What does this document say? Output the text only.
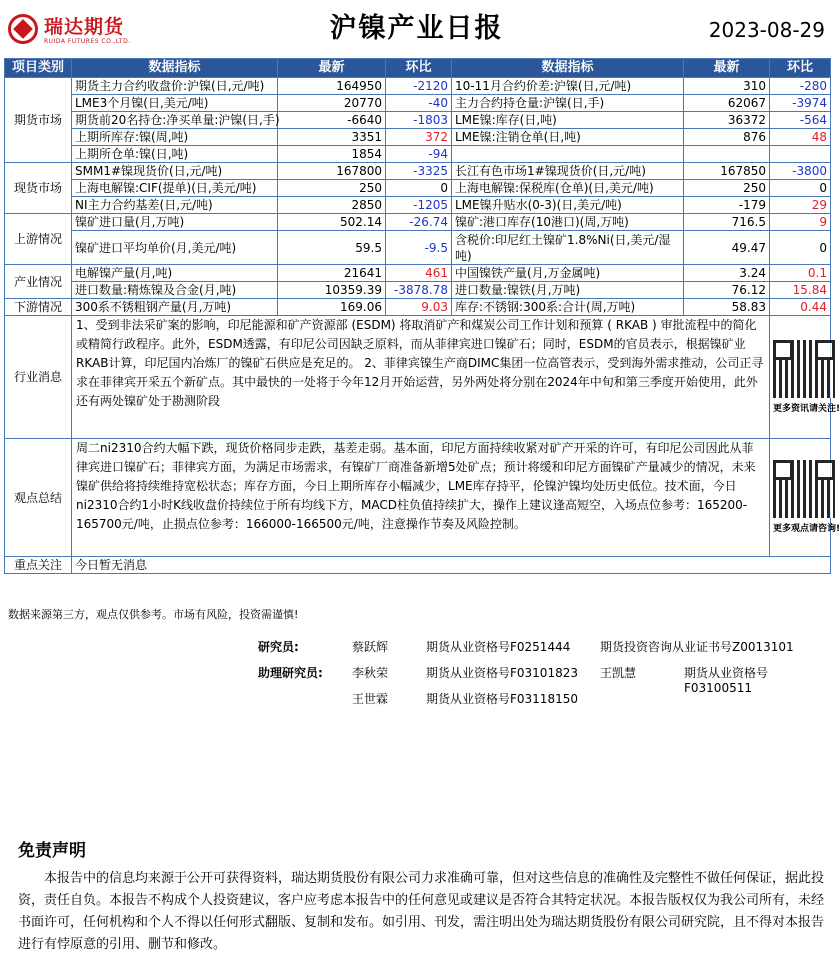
瑞达期货
RUIDA FUTURES CO.,LTD.	沪镍产业日报	2023-08-29
项目类别	数据指标	最新	环比	数据指标	最新	环比
期货市场	期货主力合约收盘价:沪镍(日,元/吨)	164950	-2120	10-11月合约价差:沪镍(日,元/吨)	310	-280
	LME3个月镍(日,美元/吨)	20770	-40	主力合约持仓量:沪镍(日,手)	62067	-3974
	期货前20名持仓:净买单量:沪镍(日,手)	-6640	-1803	LME镍:库存(日,吨)	36372	-564
	上期所库存:镍(周,吨)	3351	372	LME镍:注销仓单(日,吨)	876	48
	上期所仓单:镍(日,吨)	1854	-94			
现货市场	SMM1#镍现货价(日,元/吨)	167800	-3325	长江有色市场1#镍现货价(日,元/吨)	167850	-3800
	上海电解镍:CIF(提单)(日,美元/吨)	250	0	上海电解镍:保税库(仓单)(日,美元/吨)	250	0
	NI主力合约基差(日,元/吨)	2850	-1205	LME镍升贴水(0-3)(日,美元/吨)	-179	29
上游情况	镍矿进口量(月,万吨)	502.14	-26.74	镍矿:港口库存(10港口)(周,万吨)	716.5	9
	镍矿进口平均单价(月,美元/吨)	59.5	-9.5	含税价:印尼红土镍矿1.8%Ni(日,美元/湿吨)	49.47	0
产业情况	电解镍产量(月,吨)	21641	461	中国镍铁产量(月,万金属吨)	3.24	0.1
	进口数量:精炼镍及合金(月,吨)	10359.39	-3878.78	进口数量:镍铁(月,万吨)	76.12	15.84
下游情况	300系不锈粗钢产量(月,万吨)	169.06	9.03	库存:不锈钢:300系:合计(周,万吨)	58.83	0.44
行业消息	1、受到非法采矿案的影响，印尼能源和矿产资源部 (ESDM) 将取消矿产和煤炭公司工作计划和预算 ( RKAB ) 审批流程中的简化或精简行政程序。此外，ESDM透露，有印尼公司因缺乏原料，而从菲律宾进口镍矿石；同时，ESDM的官员表示，根据镍矿业RKAB计算，印尼国内冶炼厂的镍矿石供应是充足的。 2、菲律宾镍生产商DIMC集团一位高管表示，受到海外需求推动，公司正寻求在菲律宾开采五个新矿点。其中最快的一处将于今年12月开始运营，另外两处将分别在2024年中旬和第三季度开始使用，此外还有两处镍矿处于勘测阶段					更多资讯请关注!

观点总结	周二ni2310合约大幅下跌，现货价格同步走跌，基差走弱。基本面，印尼方面持续收紧对矿产开采的许可，有印尼公司因此从菲律宾进口镍矿石；菲律宾方面，为满足市场需求，有镍矿厂商准备新增5处矿点；预计将缓和印尼方面镍矿产量减少的情况，未来镍矿供给将持续维持宽松状态；库存方面，今日上期所库存小幅减少，LME库存持平，伦镍沪镍均处历史低位。技术面，今日ni2310合约1小时K线收盘价持续位于所有均线下方，MACD柱负值持续扩大，操作上建议逢高短空，入场点位参考：165200-165700元/吨，止损点位参考：166000-166500元/吨，注意操作节奏及风险控制。					更多观点请咨询!

重点关注	今日暂无消息					
数据来源第三方，观点仅供参考。市场有风险，投资需谨慎!
研究员:	蔡跃辉	期货从业资格号F0251444 期货投资咨询从业证书号Z0013101
助理研究员: 李秋荣	期货从业资格号F03101823 王凯慧	期货从业资格号F03100511
王世霖	期货从业资格号F03118150
免责声明
本报告中的信息均来源于公开可获得资料，瑞达期货股份有限公司力求准确可靠，但对这些信息的准确性及完整性不做任何保证，据此投资，责任自负。本报告不构成个人投资建议，客户应考虑本报告中的任何意见或建议是否符合其特定状况。本报告版权仅为我公司所有，未经书面许可，任何机构和个人不得以任何形式翻版、复制和发布。如引用、刊发，需注明出处为瑞达期货股份有限公司研究院，且不得对本报告进行有悖原意的引用、删节和修改。
